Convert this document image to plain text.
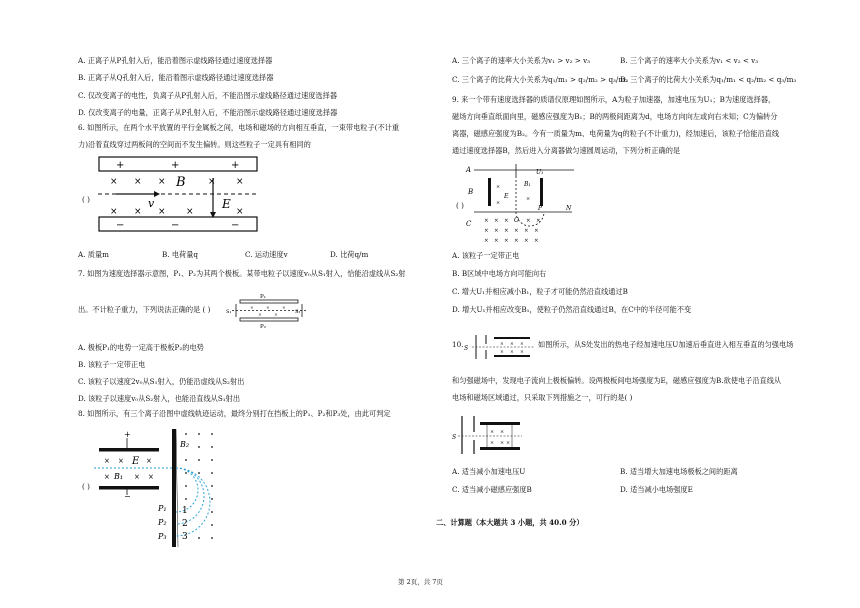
A. 正离子从P孔射入后，能沿着图示虚线路径通过速度选择器
B. 正离子从Q孔射入后，能沿着图示虚线路径通过速度选择器
C. 仅改变离子的电性，负离子从P孔射入后，不能沿图示虚线路径通过速度选择器
D. 仅改变离子的电量，正离子从P孔射入后，不能沿图示虚线路径通过速度选择器
6. 如图所示，在两个水平放置的平行金属板之间，电场和磁场的方向相互垂直，一束带电粒子(不计重
力)沿着直线穿过两板间的空间而不发生偏转。则这些粒子一定具有相同的
( )
+	+	+
−	−	−
× × ×	× ×
× × × ×	×
B
v	E
A. 质量m	B. 电荷量q	C. 运动速度v	D. 比荷q/m
7. 如图为速度选择器示意图，P₁、P₂为其两个极板。某带电粒子以速度v₀从S₁射入，恰能沿虚线从S₂射
出。不计粒子重力，下列说法正确的是 ( )
P₁
P₂
S₁	S₂
×	×	×
×	×
A. 极板P₁的电势一定高于极板P₂的电势
B. 该粒子一定带正电
C. 该粒子以速度2v₀从S₁射入，仍能沿虚线从S₂射出
D. 该粒子以速度v₀从S₂射入，也能沿直线从S₁射出
8. 如图所示，有三个离子沿图中虚线轨迹运动，最终分别打在挡板上的P₁、P₂和P₃处，由此可判定
( )
+
−
× ×	×
×	× ×
E
B₁
P₁
P₂
P₃
1
2
3
B₂
A. 三个离子的速率大小关系为v₁ > v₂ > v₃	B. 三个离子的速率大小关系为v₁ < v₂ < v₃
C. 三个离子的比荷大小关系为q₁/m₁ > q₂/m₂ > q₃/m₃
D. 三个离子的比荷大小关系为q₁/m₁ < q₂/m₂ < q₃/m₃
9. 来一个带有速度选择器的质谱仪原理如图所示，A为粒子加速器，加速电压为U₁；B为速度选择器，
磁场方向垂直纸面向里，磁感应强度为B₁；B的两极间距离为d，电场方向向左或向右未知；C为偏转分
离器，磁感应强度为B₂。今有一质量为m、电荷量为q的粒子(不计重力)，经加速后，该粒子恰能沿直线
通过速度选择器B，然后进入分离器做匀速圆周运动，下列分析正确的是
( )
A
B
C
U₁
B₁
E
×
×
×
P	N
O
× × ×	× ×
× × × × × ×
× × × × × ×
A. 该粒子一定带正电
B. B区域中电场方向可能向右
C. 增大U₁并相应减小B₁，粒子才可能仍然沿直线通过B
D. 增大U₁并相应改变B₁，使粒子仍然沿直线通过B，在C中的半径可能不变
10. S
× × ×
× × ×
如图所示，从S处发出的热电子经加速电压U加速后垂直进入相互垂直的匀强电场
和匀强磁场中，发现电子流向上极板偏转。设两极板间电场强度为E，磁感应强度为B.欲使电子沿直线从
电场和磁场区域通过，只采取下列措施之一，可行的是( )
S
× ×
× × ×
A. 适当减小加速电压U	B. 适当增大加速电场极板之间的距离
C. 适当减小磁感应强度B	D. 适当减小电场强度E
二、计算题（本大题共 3 小题，共 40.0 分）
第 2页，共 7页
